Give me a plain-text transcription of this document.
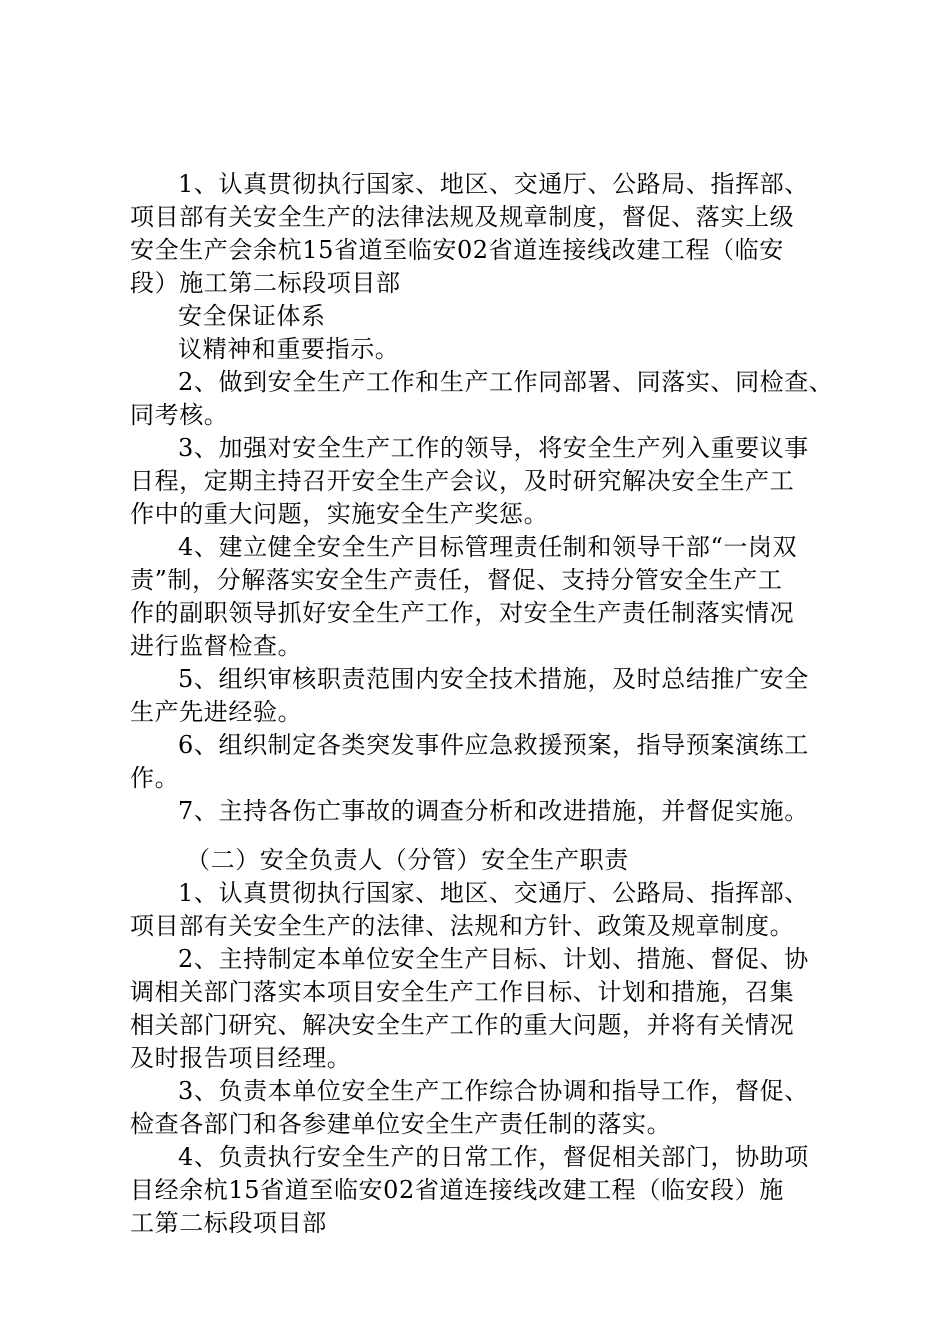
1、认真贯彻执行国家、地区、交通厅、公路局、指挥部、
项目部有关安全生产的法律法规及规章制度，督促、落实上级
安全生产会余杭15省道至临安02省道连接线改建工程（临安
段）施工第二标段项目部
安全保证体系
议精神和重要指示。
2、做到安全生产工作和生产工作同部署、同落实、同检查、
同考核。
3、加强对安全生产工作的领导，将安全生产列入重要议事
日程，定期主持召开安全生产会议，及时研究解决安全生产工
作中的重大问题，实施安全生产奖惩。
4、建立健全安全生产目标管理责任制和领导干部“一岗双
责”制，分解落实安全生产责任，督促、支持分管安全生产工
作的副职领导抓好安全生产工作，对安全生产责任制落实情况
进行监督检查。
5、组织审核职责范围内安全技术措施，及时总结推广安全
生产先进经验。
6、组织制定各类突发事件应急救援预案，指导预案演练工
作。
7、主持各伤亡事故的调查分析和改进措施，并督促实施。
（二）安全负责人（分管）安全生产职责
1、认真贯彻执行国家、地区、交通厅、公路局、指挥部、
项目部有关安全生产的法律、法规和方针、政策及规章制度。
2、主持制定本单位安全生产目标、计划、措施、督促、协
调相关部门落实本项目安全生产工作目标、计划和措施，召集
相关部门研究、解决安全生产工作的重大问题，并将有关情况
及时报告项目经理。
3、负责本单位安全生产工作综合协调和指导工作，督促、
检查各部门和各参建单位安全生产责任制的落实。
4、负责执行安全生产的日常工作，督促相关部门，协助项
目经余杭15省道至临安02省道连接线改建工程（临安段）施
工第二标段项目部
